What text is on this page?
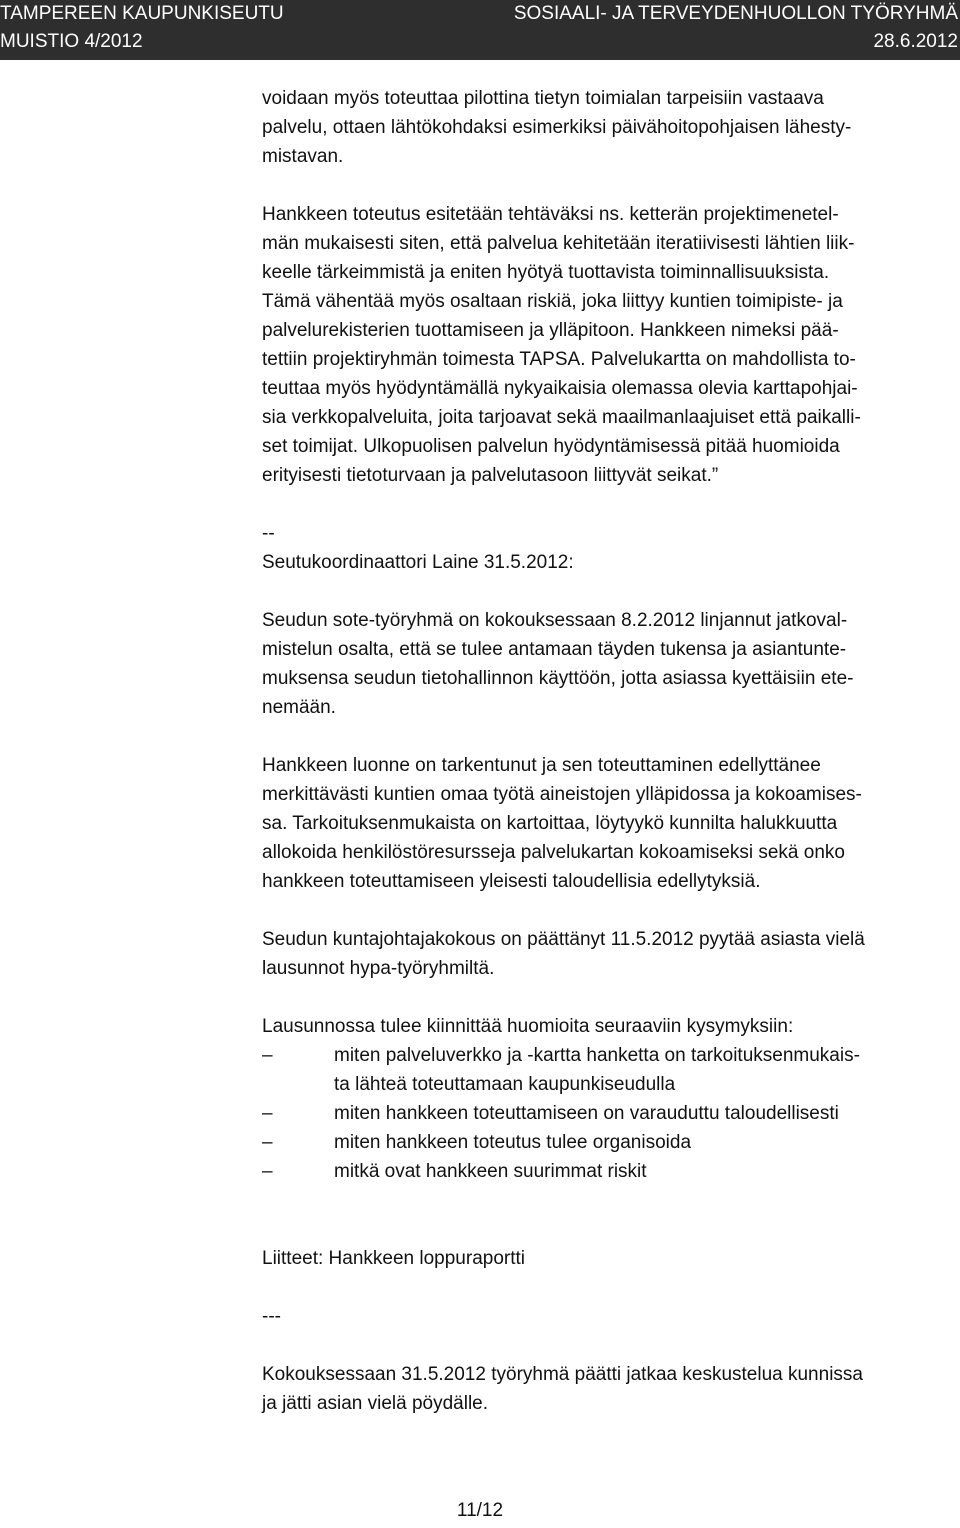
TAMPEREEN KAUPUNKISEUTU	SOSIAALI- JA TERVEYDENHUOLLON TYÖRYHMÄ
MUISTIO 4/2012	28.6.2012

voidaan myös toteuttaa pilottina tietyn toimialan tarpeisiin vastaava
palvelu, ottaen lähtökohdaksi esimerkiksi päivähoitopohjaisen lähesty-
mistavan.

Hankkeen toteutus esitetään tehtäväksi ns. ketterän projektimenetel-
män mukaisesti siten, että palvelua kehitetään iteratiivisesti lähtien liik-
keelle tärkeimmistä ja eniten hyötyä tuottavista toiminnallisuuksista.
Tämä vähentää myös osaltaan riskiä, joka liittyy kuntien toimipiste- ja
palvelurekisterien tuottamiseen ja ylläpitoon. Hankkeen nimeksi pää-
tettiin projektiryhmän toimesta TAPSA. Palvelukartta on mahdollista to-
teuttaa myös hyödyntämällä nykyaikaisia olemassa olevia karttapohjai-
sia verkkopalveluita, joita tarjoavat sekä maailmanlaajuiset että paikalli-
set toimijat. Ulkopuolisen palvelun hyödyntämisessä pitää huomioida
erityisesti tietoturvaan ja palvelutasoon liittyvät seikat.”

--

Seutukoordinaattori Laine 31.5.2012:

Seudun sote-työryhmä on kokouksessaan 8.2.2012 linjannut jatkoval-
mistelun osalta, että se tulee antamaan täyden tukensa ja asiantunte-
muksensa seudun tietohallinnon käyttöön, jotta asiassa kyettäisiin ete-
nemään.

Hankkeen luonne on tarkentunut ja sen toteuttaminen edellyttänee
merkittävästi kuntien omaa työtä aineistojen ylläpidossa ja kokoamises-
sa. Tarkoituksenmukaista on kartoittaa, löytyykö kunnilta halukkuutta
allokoida henkilöstöresursseja palvelukartan kokoamiseksi sekä onko
hankkeen toteuttamiseen yleisesti taloudellisia edellytyksiä.

Seudun kuntajohtajakokous on päättänyt 11.5.2012 pyytää asiasta vielä
lausunnot hypa-työryhmiltä.

Lausunnossa tulee kiinnittää huomioita seuraaviin kysymyksiin:

‒	miten palveluverkko ja -kartta hanketta on tarkoituksenmukais-
ta lähteä toteuttamaan kaupunkiseudulla
‒	miten hankkeen toteuttamiseen on varauduttu taloudellisesti
‒	miten hankkeen toteutus tulee organisoida
‒	mitkä ovat hankkeen suurimmat riskit

Liitteet: Hankkeen loppuraportti

---

Kokouksessaan 31.5.2012 työryhmä päätti jatkaa keskustelua kunnissa
ja jätti asian vielä pöydälle.

11/12
